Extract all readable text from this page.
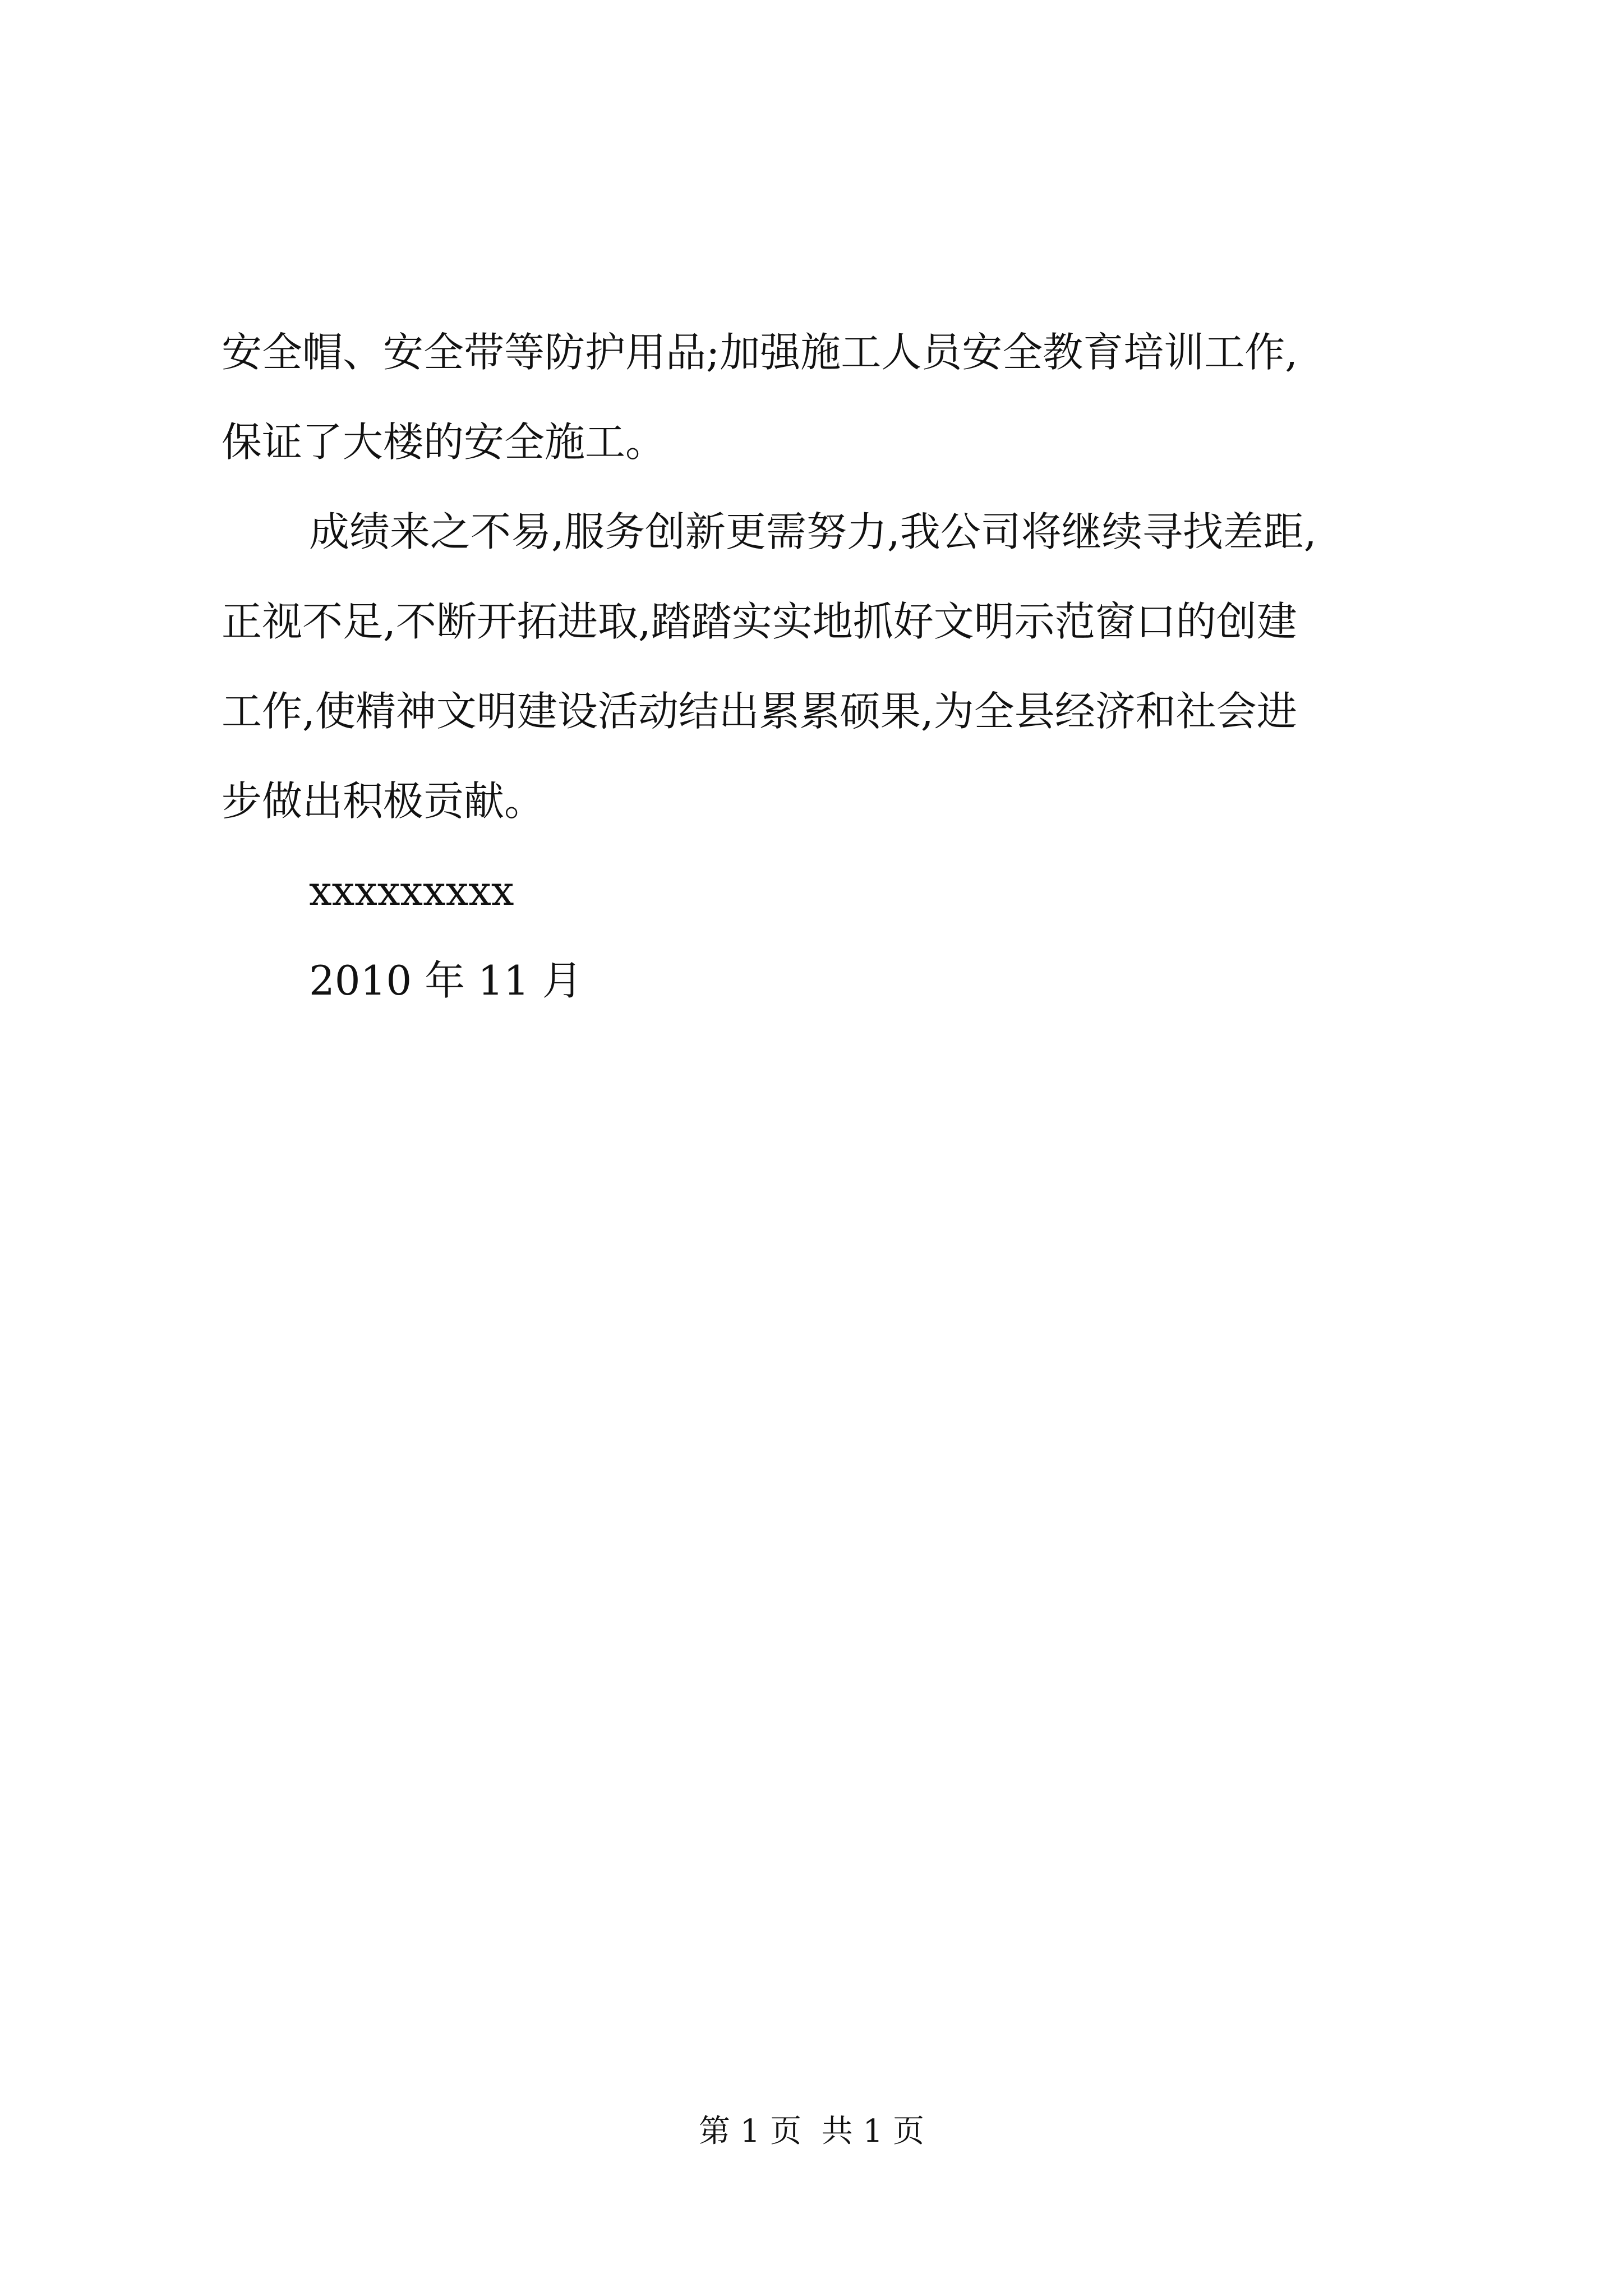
安全帽、安全带等防护用品;加强施工人员安全教育培训工作,
保证了大楼的安全施工。
成绩来之不易,服务创新更需努力,我公司将继续寻找差距,
正视不足,不断开拓进取,踏踏实实地抓好文明示范窗口的创建
工作,使精神文明建设活动结出累累硕果,为全县经济和社会进
步做出积极贡献。
xxxxxxxxx
2010 年 11 月
第 1 页 共 1 页
